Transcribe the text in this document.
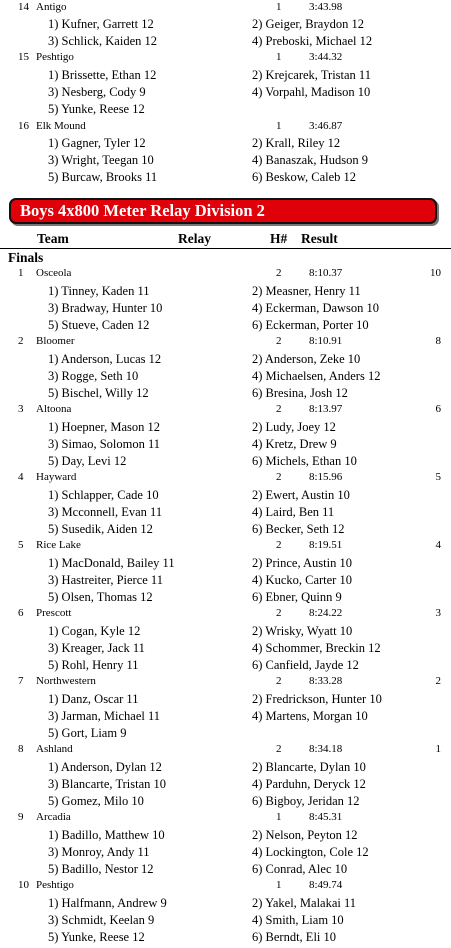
14 Antigo	1	3:43.98
1) Kufner, Garrett 12	2) Geiger, Braydon 12
3) Schlick, Kaiden 12	4) Preboski, Michael 12
15 Peshtigo	1	3:44.32
1) Brissette, Ethan 12	2) Krejcarek, Tristan 11
3) Nesberg, Cody 9	4) Vorpahl, Madison 10
5) Yunke, Reese 12
16 Elk Mound	1	3:46.87
1) Gagner, Tyler 12	2) Krall, Riley 12
3) Wright, Teegan 10	4) Banaszak, Hudson 9
5) Burcaw, Brooks 11	6) Beskow, Caleb 12
Boys 4x800 Meter Relay Division 2
Team	Relay	H# Result
Finals
1 Osceola	2	8:10.37	10
1) Tinney, Kaden 11	2) Measner, Henry 11
3) Bradway, Hunter 10	4) Eckerman, Dawson 10
5) Stueve, Caden 12	6) Eckerman, Porter 10
2 Bloomer	2	8:10.91	8
1) Anderson, Lucas 12	2) Anderson, Zeke 10
3) Rogge, Seth 10	4) Michaelsen, Anders 12
5) Bischel, Willy 12	6) Bresina, Josh 12
3 Altoona	2	8:13.97	6
1) Hoepner, Mason 12	2) Ludy, Joey 12
3) Simao, Solomon 11	4) Kretz, Drew 9
5) Day, Levi 12	6) Michels, Ethan 10
4 Hayward	2	8:15.96	5
1) Schlapper, Cade 10	2) Ewert, Austin 10
3) Mcconnell, Evan 11	4) Laird, Ben 11
5) Susedik, Aiden 12	6) Becker, Seth 12
5 Rice Lake	2	8:19.51	4
1) MacDonald, Bailey 11	2) Prince, Austin 10
3) Hastreiter, Pierce 11	4) Kucko, Carter 10
5) Olsen, Thomas 12	6) Ebner, Quinn 9
6 Prescott	2	8:24.22	3
1) Cogan, Kyle 12	2) Wrisky, Wyatt 10
3) Kreager, Jack 11	4) Schommer, Breckin 12
5) Rohl, Henry 11	6) Canfield, Jayde 12
7 Northwestern	2	8:33.28	2
1) Danz, Oscar 11	2) Fredrickson, Hunter 10
3) Jarman, Michael 11	4) Martens, Morgan 10
5) Gort, Liam 9
8 Ashland	2	8:34.18	1
1) Anderson, Dylan 12	2) Blancarte, Dylan 10
3) Blancarte, Tristan 10	4) Parduhn, Deryck 12
5) Gomez, Milo 10	6) Bigboy, Jeridan 12
9 Arcadia	1	8:45.31
1) Badillo, Matthew 10	2) Nelson, Peyton 12
3) Monroy, Andy 11	4) Lockington, Cole 12
5) Badillo, Nestor 12	6) Conrad, Alec 10
10 Peshtigo	1	8:49.74
1) Halfmann, Andrew 9	2) Yakel, Malakai 11
3) Schmidt, Keelan 9	4) Smith, Liam 10
5) Yunke, Reese 12	6) Berndt, Eli 10
